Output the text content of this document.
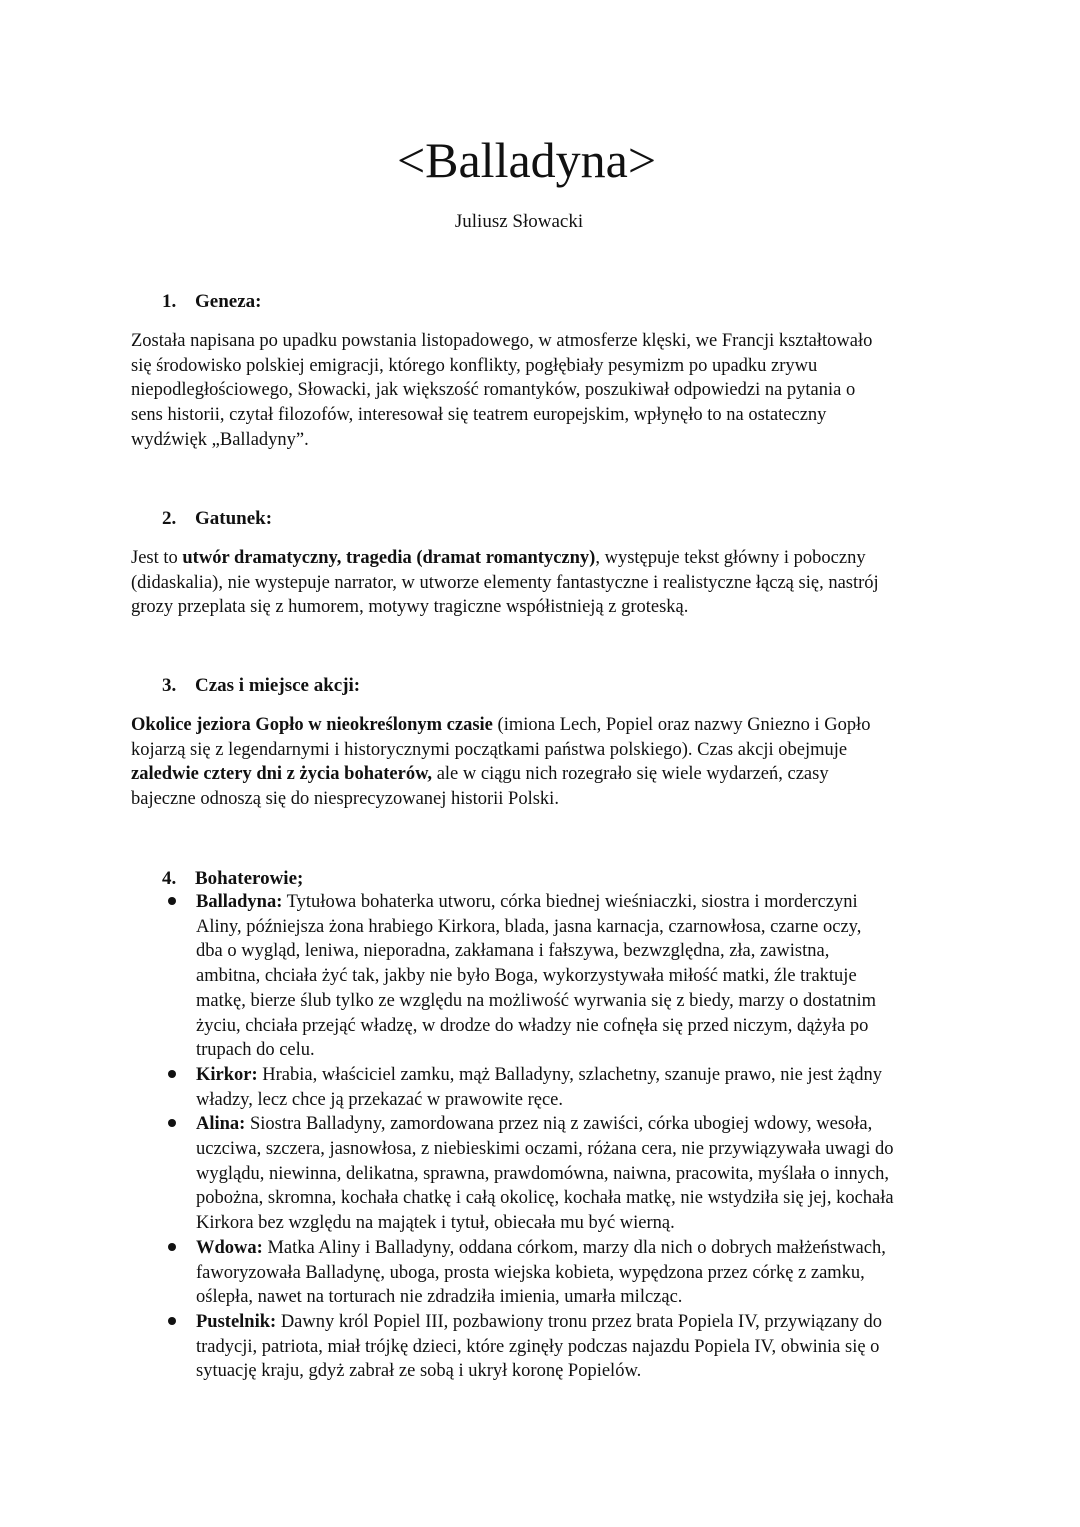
<Balladyna>

Juliusz Słowacki

1. Geneza:

Została napisana po upadku powstania listopadowego, w atmosferze klęski, we Francji kształtowało
się środowisko polskiej emigracji, którego konflikty, pogłębiały pesymizm po upadku zrywu
niepodległościowego, Słowacki, jak większość romantyków, poszukiwał odpowiedzi na pytania o
sens historii, czytał filozofów, interesował się teatrem europejskim, wpłynęło to na ostateczny
wydźwięk „Balladyny”.

2. Gatunek:

Jest to utwór dramatyczny, tragedia (dramat romantyczny), występuje tekst główny i poboczny
(didaskalia), nie wystepuje narrator, w utworze elementy fantastyczne i realistyczne łączą się, nastrój
grozy przeplata się z humorem, motywy tragiczne współistnieją z groteską.

3. Czas i miejsce akcji:

Okolice jeziora Gopło w nieokreślonym czasie (imiona Lech, Popiel oraz nazwy Gniezno i Gopło
kojarzą się z legendarnymi i historycznymi początkami państwa polskiego). Czas akcji obejmuje
zaledwie cztery dni z życia bohaterów, ale w ciągu nich rozegrało się wiele wydarzeń, czasy
bajeczne odnoszą się do niesprecyzowanej historii Polski.

4. Bohaterowie;

Balladyna: Tytułowa bohaterka utworu, córka biednej wieśniaczki, siostra i morderczyni
Aliny, późniejsza żona hrabiego Kirkora, blada, jasna karnacja, czarnowłosa, czarne oczy,
dba o wygląd, leniwa, nieporadna, zakłamana i fałszywa, bezwzględna, zła, zawistna,
ambitna, chciała żyć tak, jakby nie było Boga, wykorzystywała miłość matki, źle traktuje
matkę, bierze ślub tylko ze względu na możliwość wyrwania się z biedy, marzy o dostatnim
życiu, chciała przejąć władzę, w drodze do władzy nie cofnęła się przed niczym, dążyła po
trupach do celu.
Kirkor: Hrabia, właściciel zamku, mąż Balladyny, szlachetny, szanuje prawo, nie jest żądny
władzy, lecz chce ją przekazać w prawowite ręce.
Alina: Siostra Balladyny, zamordowana przez nią z zawiści, córka ubogiej wdowy, wesoła,
uczciwa, szczera, jasnowłosa, z niebieskimi oczami, różana cera, nie przywiązywała uwagi do
wyglądu, niewinna, delikatna, sprawna, prawdomówna, naiwna, pracowita, myślała o innych,
pobożna, skromna, kochała chatkę i całą okolicę, kochała matkę, nie wstydziła się jej, kochała
Kirkora bez względu na majątek i tytuł, obiecała mu być wierną.
Wdowa: Matka Aliny i Balladyny, oddana córkom, marzy dla nich o dobrych małżeństwach,
faworyzowała Balladynę, uboga, prosta wiejska kobieta, wypędzona przez córkę z zamku,
oślepła, nawet na torturach nie zdradziła imienia, umarła milcząc.
Pustelnik: Dawny król Popiel III, pozbawiony tronu przez brata Popiela IV, przywiązany do
tradycji, patriota, miał trójkę dzieci, które zginęły podczas najazdu Popiela IV, obwinia się o
sytuację kraju, gdyż zabrał ze sobą i ukrył koronę Popielów.
